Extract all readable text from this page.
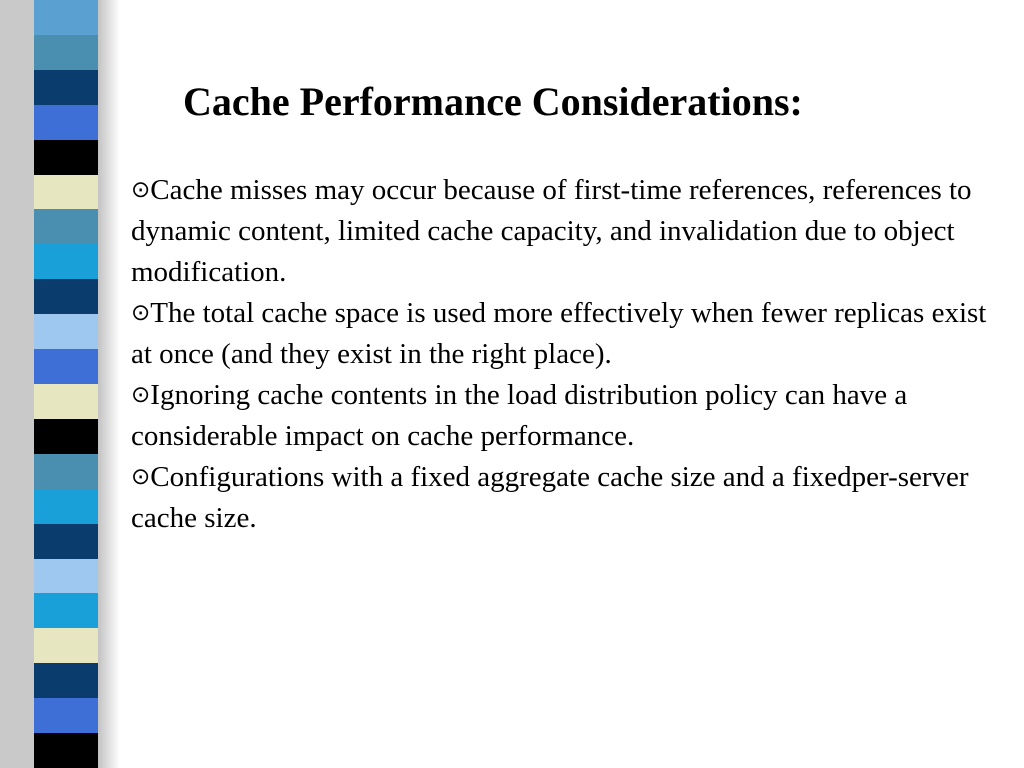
Cache Performance Considerations:

⊙Cache misses may occur because of first-time references, references to dynamic content, limited cache capacity, and invalidation due to object modification.

⊙The total cache space is used more effectively when fewer replicas exist at once (and they exist in the right place).

⊙Ignoring cache contents in the load distribution policy can have a considerable impact on cache performance.

⊙Configurations with a fixed aggregate cache size and a fixedper-server cache size.
